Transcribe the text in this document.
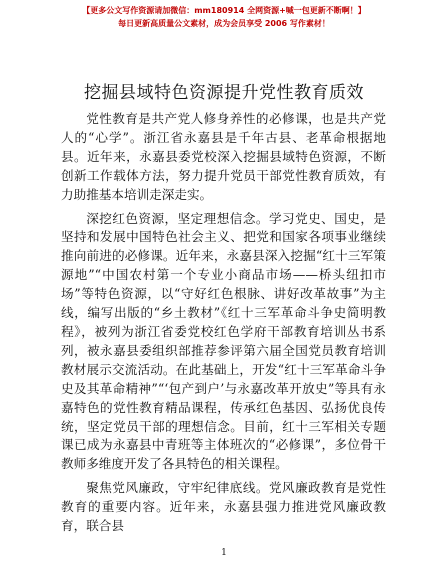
【更多公文写作资源请加微信：mm180914 全网资源+喊一包更新不断啊！】
每日更新高质量公文素材，成为会员享受 2006 写作素材！
挖掘县域特色资源提升党性教育质效

党性教育是共产党人修身养性的必修课，也是共产党人的“心学”。浙江省永嘉县是千年古县、老革命根据地县。近年来，永嘉县委党校深入挖掘县域特色资源，不断创新工作载体方法，努力提升党员干部党性教育质效，有力助推基本培训走深走实。

深挖红色资源，坚定理想信念。学习党史、国史，是坚持和发展中国特色社会主义、把党和国家各项事业继续推向前进的必修课。近年来，永嘉县深入挖掘“红十三军策源地”“中国农村第一个专业小商品市场——桥头纽扣市场”等特色资源，以“守好红色根脉、讲好改革故事”为主线，编写出版的“乡土教材”《红十三军革命斗争史简明教程》，被列为浙江省委党校红色学府干部教育培训丛书系列，被永嘉县委组织部推荐参评第六届全国党员教育培训教材展示交流活动。在此基础上，开发“红十三军革命斗争史及其革命精神”“‘包产到户’与永嘉改革开放史”等具有永嘉特色的党性教育精品课程，传承红色基因、弘扬优良传统，坚定党员干部的理想信念。目前，红十三军相关专题课已成为永嘉县中青班等主体班次的“必修课”，多位骨干教师多维度开发了各具特色的相关课程。

聚焦党风廉政，守牢纪律底线。党风廉政教育是党性教育的重要内容。近年来，永嘉县强力推进党风廉政教育，联合县

1
